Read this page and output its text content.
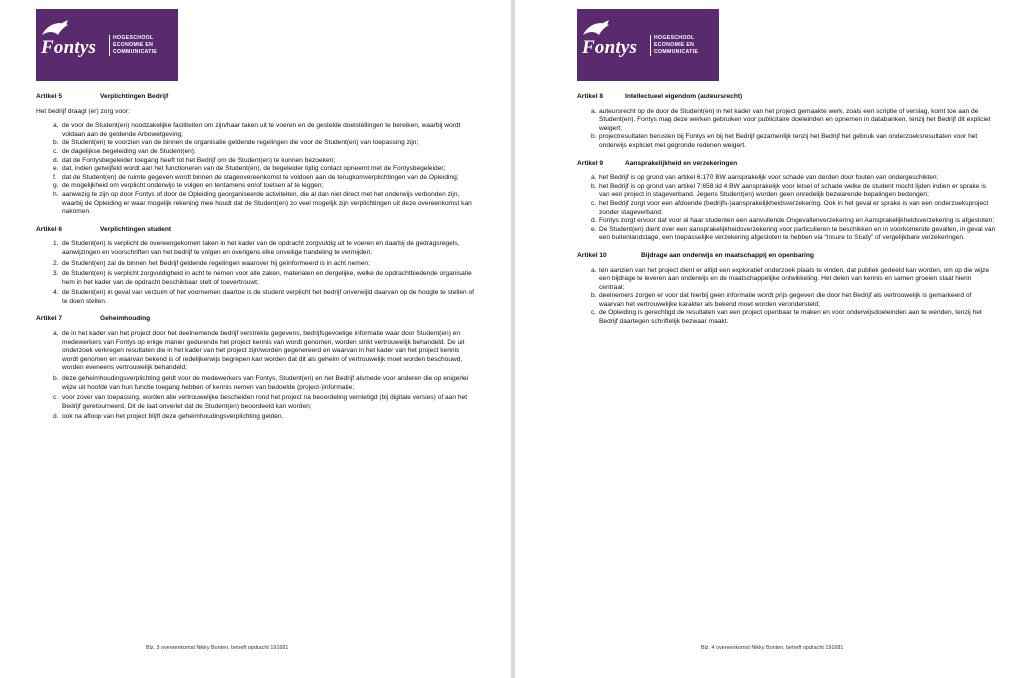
Fontys	HOGESCHOOL
ECONOMIE EN
COMMUNICATIE
Artikel 5	Verplichtingen Bedrijf
Het bedrijf draagt (er) zorg voor:
a. de voor de Student(en) noodzakelijke faciliteiten om zijn/haar taken uit te voeren en de gestelde doelstellingen te bereiken, waarbij wordt voldaan aan de geldende Arbowetgeving;
b. de Student(en) te voorzien van de binnen de organisatie geldende regelingen die voor de Student(en) van toepassing zijn;
c. de dagelijkse begeleiding van de Student(en);
d. dat de Fontysbegeleider toegang heeft tot het Bedrijf om de Student(en) te kunnen bezoeken;
e. dat, indien getwijfeld wordt aan het functioneren van de Student(en), de begeleider tijdig contact opneemt met de Fontysbegeleider;
f. dat de Student(en) de ruimte gegeven wordt binnen de stageovereenkomst te voldoen aan de terugkomverplichtingen van de Opleiding;
g. de mogelijkheid om verplicht onderwijs te volgen en tentamens en/of toetsen af te leggen;
h. aanwezig te zijn op door Fontys of door de Opleiding georganiseerde activiteiten, die al dan niet direct met het onderwijs verbonden zijn, waarbij de Opleiding er waar mogelijk rekening mee houdt dat de Student(en) zo veel mogelijk zijn verplichtingen uit deze overeenkomst kan nakomen.
Artikel 6	Verplichtingen student
1. de Student(en) is verplicht de overeengekomen taken in het kader van de opdracht zorgvuldig uit te voeren en daarbij de gedragsregels, aanwijzingen en voorschriften van het bedrijf te volgen en overigens elke onveilige handeling te vermijden;
2. de Student(en) zal de binnen het Bedrijf geldende regelingen waarover hij geïnformeerd is in acht nemen;
3. de Student(en) is verplicht zorgvuldigheid in acht te nemen voor alle zaken, materialen en dergelijke, welke de opdrachtbiedende organisatie hem in het kader van de opdracht beschikbaar stelt of toevertrouwt;
4. de Student(en) in geval van verzuim of het voornemen daartoe is de student verplicht het bedrijf onverwijld daarvan op de hoogte te stellen of te doen stellen.
Artikel 7	Geheimhouding
a. de in het kader van het project door het deelnemende bedrijf verstrekte gegevens, bedrijfsgevoelige informatie waar door Student(en) en medewerkers van Fontys op enige manier gedurende het project kennis van wordt genomen, worden strikt vertrouwelijk behandeld. De uit onderzoek verkregen resultaten die in het kader van het project zijn/worden gegenereerd en waarvan in het kader van het project kennis wordt genomen en waarvan bekend is of redelijkerwijs begrepen kan worden dat dit als geheim of vertrouwelijk moet worden beschouwd, worden eveneens vertrouwelijk behandeld;
b. deze geheimhoudingsverplichting geldt voor de medewerkers van Fontys, Student(en) en het Bedrijf alsmede voor anderen die op enigerlei wijze uit hoofde van hun functie toegang hebben of kennis nemen van bedoelde (project-)informatie;
c. voor zover van toepassing, worden alle vertrouwelijke bescheiden rond het project na beoordeling vernietigd (bij digitale versies) of aan het Bedrijf geretourneerd. Dit de laat onverlet dat de Student(en) beoordeeld kan worden;
d. ook na afloop van het project blijft deze geheimhoudingsverplichting gelden.
Blz. 3 overeenkomst Nikky Bonten, betreft opdracht 191681
Fontys	HOGESCHOOL
ECONOMIE EN
COMMUNICATIE
Artikel 8	Intellectueel eigendom (auteursrecht)
a. auteursrecht op de door de Student(en) in het kader van het project gemaakte werk, zoals een scriptie of verslag, komt toe aan de Student(en). Fontys mag deze werken gebruiken voor publicitaire doeleinden en opnemen in databanken, tenzij het Bedrijf dit expliciet weigert;
b. projectresultaten berusten bij Fontys en bij het Bedrijf gezamenlijk tenzij het Bedrijf het gebruik van onderzoeksresultaten voor het onderwijs expliciet met gegronde redenen weigert.
Artikel 9	Aansprakelijkheid en verzekeringen
a. het Bedrijf is op grond van artikel 6:170 BW aansprakelijk voor schade van derden door fouten van ondergeschikten;
b. het Bedrijf is op grond van artikel 7:658 lid 4 BW aansprakelijk voor letsel of schade welke de student mocht lijden indien er sprake is van een project in stageverband. Jegens Student(en) worden geen onredelijk bezwarende bepalingen bedongen;
c. het Bedrijf zorgt voor een afdoende (bedrijfs-)aansprakelijkheidsverzekering. Ook in het geval er sprake is van een onderzoeksproject zonder stageverband;
d. Fontys zorgt ervoor dat voor al haar studenten een aanvullende Ongevallenverzekering en Aansprakelijkheidsverzekering is afgesloten;
e. De Student(en) dient over een aansprakelijkheidsverzekering voor particulieren te beschikken en in voorkomende gevallen, in geval van een buitenlandstage, een toepasselijke verzekering afgesloten te hebben via “Insure to Study” of vergelijkbare verzekeringen.
Artikel 10	Bijdrage aan onderwijs en maatschappij en openbaring
a. ten aanzien van het project dient er altijd een exploratief onderzoek plaats te vinden, dat publiek gedeeld kan worden, om op die wijze een bijdrage te leveren aan onderwijs en de maatschappelijke ontwikkeling. Het delen van kennis en samen groeien staat hierin centraal;
b. deelnemers zorgen er voor dat hierbij geen informatie wordt prijs gegeven die door het Bedrijf als vertrouwelijk is gemarkeerd of waarvan het vertrouwelijke karakter als bekend moet worden verondersteld;
c. de Opleiding is gerechtigd de resultaten van een project openbaar te maken en voor onderwijsdoeleinden aan te wenden, tenzij het Bedrijf daartegen schriftelijk bezwaar maakt.
Blz. 4 overeenkomst Nikky Bonten, betreft opdracht 191681
